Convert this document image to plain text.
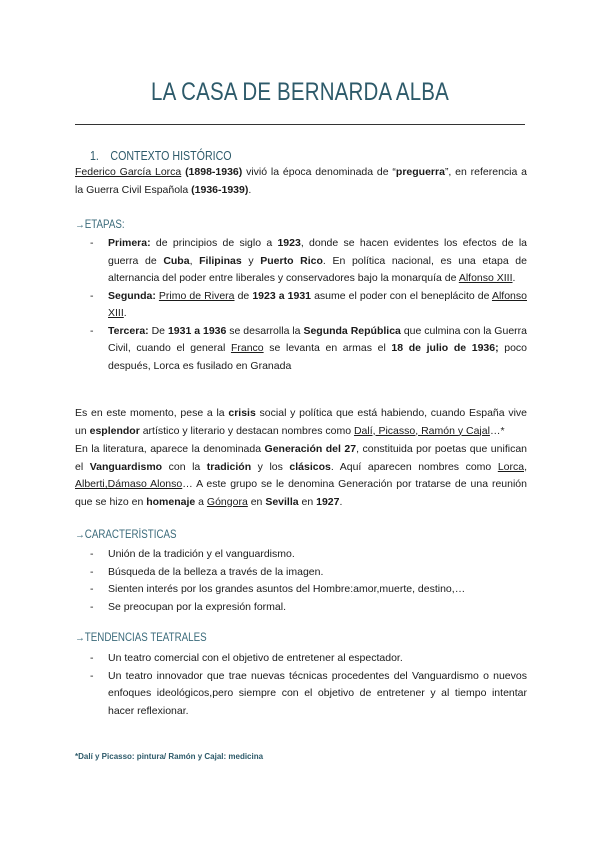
LA CASA DE BERNARDA ALBA
1. CONTEXTO HISTÓRICO
Federico García Lorca (1898-1936) vivió la época denominada de “preguerra”, en referencia a la Guerra Civil Española (1936-1939).
→ETAPAS:
- Primera: de principios de siglo a 1923, donde se hacen evidentes los efectos de la guerra de Cuba, Filipinas y Puerto Rico. En política nacional, es una etapa de alternancia del poder entre liberales y conservadores bajo la monarquía de Alfonso XIII.
- Segunda: Primo de Rivera de 1923 a 1931 asume el poder con el beneplácito de Alfonso XIII.
- Tercera: De 1931 a 1936 se desarrolla la Segunda República que culmina con la Guerra Civil, cuando el general Franco se levanta en armas el 18 de julio de 1936; poco después, Lorca es fusilado en Granada
Es en este momento, pese a la crisis social y política que está habiendo, cuando España vive un esplendor artístico y literario y destacan nombres como Dalí, Picasso, Ramón y Cajal…*
En la literatura, aparece la denominada Generación del 27, constituida por poetas que unifican el Vanguardismo con la tradición y los clásicos. Aquí aparecen nombres como Lorca, Alberti,Dámaso Alonso… A este grupo se le denomina Generación por tratarse de una reunión que se hizo en homenaje a Góngora en Sevilla en 1927.
→CARACTERÍSTICAS
- Unión de la tradición y el vanguardismo.
- Búsqueda de la belleza a través de la imagen.
- Sienten interés por los grandes asuntos del Hombre:amor,muerte, destino,…
- Se preocupan por la expresión formal.
→TENDENCIAS TEATRALES
- Un teatro comercial con el objetivo de entretener al espectador.
- Un teatro innovador que trae nuevas técnicas procedentes del Vanguardismo o nuevos enfoques ideológicos,pero siempre con el objetivo de entretener y al tiempo intentar hacer reflexionar.
*Dalí y Picasso: pintura/ Ramón y Cajal: medicina
